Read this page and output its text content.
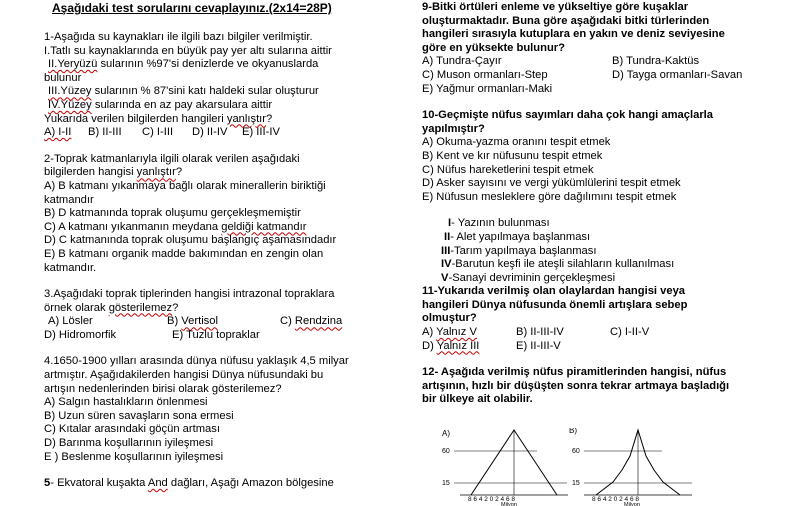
Aşağıdaki test sorularını cevaplayınız.(2x14=28P)
1-Aşağıda su kaynakları ile ilgili bazı bilgiler verilmiştir.
I.Tatlı su kaynaklarında en büyük pay yer altı sularına aittir
II.Yeryüzü sularının %97'si denizlerde ve okyanuslarda
bulunur
III.Yüzey sularının % 87'sini katı haldeki sular oluşturur
IV.Yüzey sularında en az pay akarsulara aittir
Yukarıda verilen bilgilerden hangileri yanlıştır?
A) I-II	B) II-III	C) I-III	D) II-IV	E) III-IV
2-Toprak katmanlarıyla ilgili olarak verilen aşağıdaki
bilgilerden hangisi yanlıştır?
A) B katmanı yıkanmaya bağlı olarak minerallerin biriktiği
katmandır
B) D katmanında toprak oluşumu gerçekleşmemiştir
C) A katmanı yıkanmanın meydana geldiği katmandır
D) C katmanında toprak oluşumu başlangıç aşamasındadır
E) B katmanı organik madde bakımından en zengin olan
katmandır.
3.Aşağıdaki toprak tiplerinden hangisi intrazonal topraklara
örnek olarak gösterilemez?
A) Lösler	B) Vertisol	C) Rendzina
D) Hidromorfik	E) Tuzlu topraklar
4.1650-1900 yılları arasında dünya nüfusu yaklaşık 4,5 milyar
artmıştır. Aşağıdakilerden hangisi Dünya nüfusundaki bu
artışın nedenlerinden birisi olarak gösterilemez?
A) Salgın hastalıkların önlenmesi
B) Uzun süren savaşların sona ermesi
C) Kıtalar arasındaki göçün artması
D) Barınma koşullarının iyileşmesi
E ) Beslenme koşullarının iyileşmesi
5- Ekvatoral kuşakta And dağları, Aşağı Amazon bölgesine
9-Bitki örtüleri enleme ve yükseltiye göre kuşaklar
oluşturmaktadır. Buna göre aşağıdaki bitki türlerinden
hangileri sırasıyla kutuplara en yakın ve deniz seviyesine
göre en yüksekte bulunur?
A) Tundra-Çayır	B) Tundra-Kaktüs
C) Muson ormanları-Step	D) Tayga ormanları-Savan
E) Yağmur ormanları-Maki
10-Geçmişte nüfus sayımları daha çok hangi amaçlarla
yapılmıştır?
A) Okuma-yazma oranını tespit etmek
B) Kent ve kır nüfusunu tespit etmek
C) Nüfus hareketlerini tespit etmek
D) Asker sayısını ve vergi yükümlülerini tespit etmek
E) Nüfusun mesleklere göre dağılımını tespit etmek
I- Yazının bulunması
II- Alet yapılmaya başlanması
III-Tarım yapılmaya başlanması
IV-Barutun keşfi ile ateşli silahların kullanılması
V-Sanayi devriminin gerçekleşmesi
11-Yukarıda verilmiş olan olaylardan hangisi veya
hangileri Dünya nüfusunda önemli artışlara sebep
olmuştur?
A) Yalnız V	B) II-III-IV	C) I-II-V
D) Yalnız III	E) II-III-V
12- Aşağıda verilmiş nüfus piramitlerinden hangisi, nüfus
artışının, hızlı bir düşüşten sonra tekrar artmaya başladığı
bir ülkeye ait olabilir.
A)
60
15
8 6 4 2 0 2 4 6 8
Milyon
B)
60
15
8 6 4 2 0 2 4 6 8
Milyon
